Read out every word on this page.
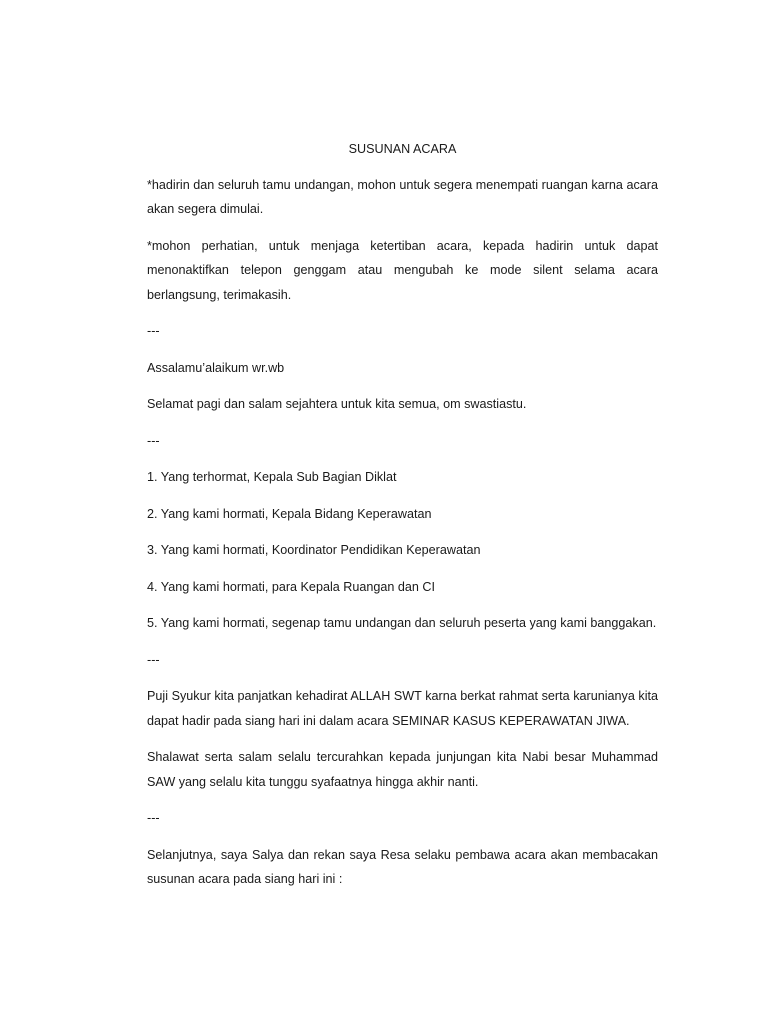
SUSUNAN ACARA

*hadirin dan seluruh tamu undangan, mohon untuk segera menempati ruangan karna acara akan segera dimulai.

*mohon perhatian, untuk menjaga ketertiban acara, kepada hadirin untuk dapat menonaktifkan telepon genggam atau mengubah ke mode silent selama acara berlangsung, terimakasih.

---

Assalamu’alaikum wr.wb

Selamat pagi dan salam sejahtera untuk kita semua, om swastiastu.

---

1. Yang terhormat, Kepala Sub Bagian Diklat

2. Yang kami hormati, Kepala Bidang Keperawatan

3. Yang kami hormati, Koordinator Pendidikan Keperawatan

4. Yang kami hormati, para Kepala Ruangan dan CI

5. Yang kami hormati, segenap tamu undangan dan seluruh peserta yang kami banggakan.

---

Puji Syukur kita panjatkan kehadirat ALLAH SWT karna berkat rahmat serta karunianya kita dapat hadir pada siang hari ini dalam acara SEMINAR KASUS KEPERAWATAN JIWA.

Shalawat serta salam selalu tercurahkan kepada junjungan kita Nabi besar Muhammad SAW yang selalu kita tunggu syafaatnya hingga akhir nanti.

---

Selanjutnya, saya Salya dan rekan saya Resa selaku pembawa acara akan membacakan susunan acara pada siang hari ini :
